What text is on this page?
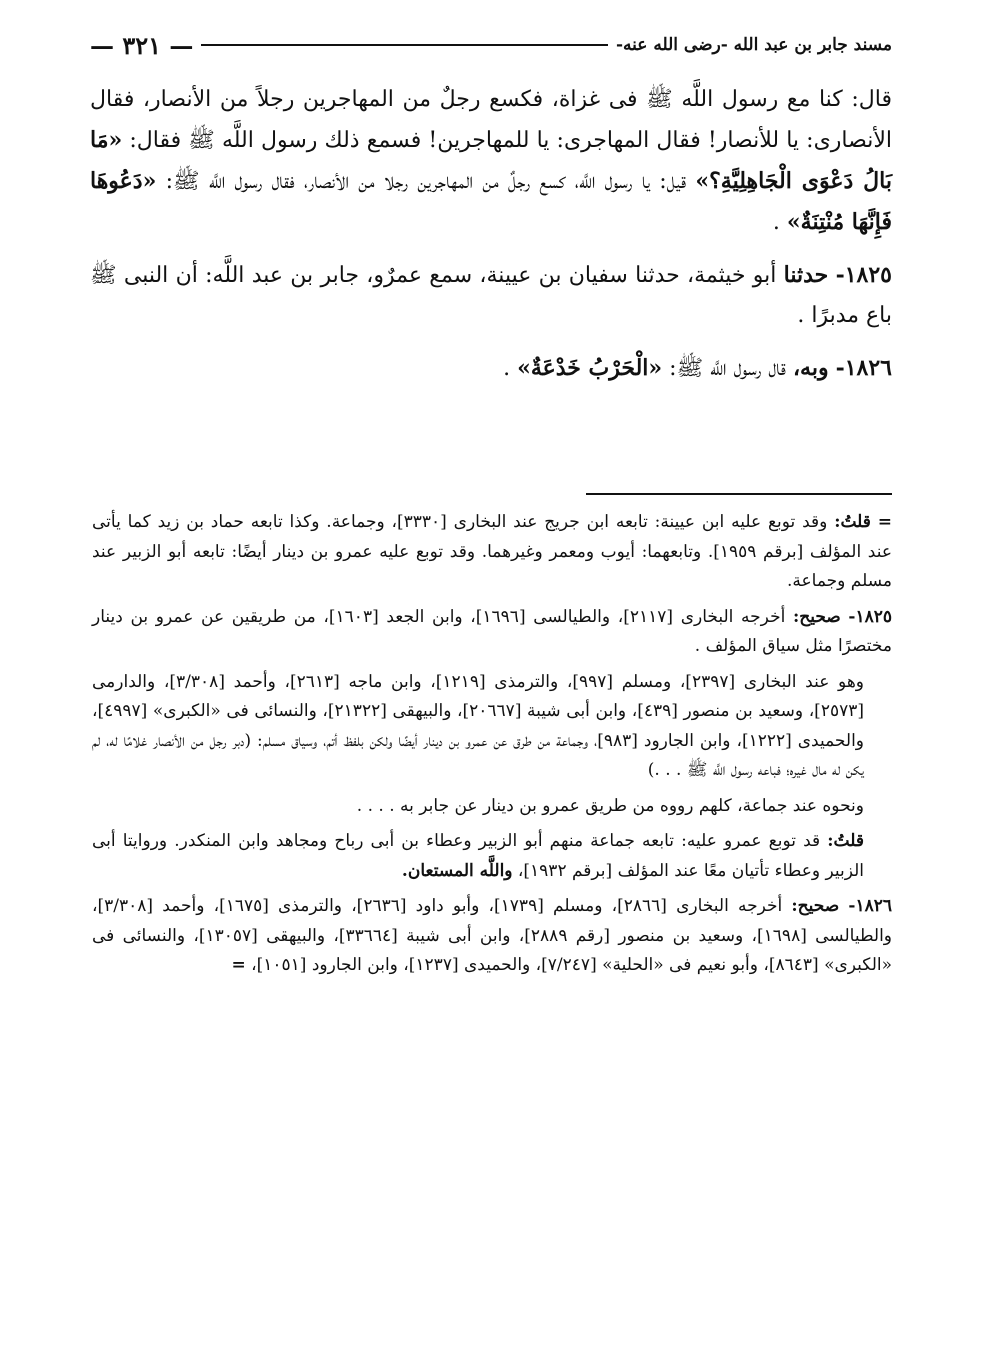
مسند جابر بن عبد الله -رضى الله عنه-
— ٣٢١ —

قال: كنا مع رسول اللَّه ﷺ فى غزاة، فكسع رجلٌ من المهاجرين رجلاً من الأنصار، فقال الأنصارى: يا للأنصار! فقال المهاجرى: يا للمهاجرين! فسمع ذلك رسول اللَّه ﷺ فقال: «مَا بَالُ دَعْوَى الْجَاهِلِيَّةِ؟» قيل: يا رسول اللَّه، كسع رجلٌ من المهاجرين رجلا من الأنصار، فقال رسول اللَّه ﷺ: «دَعُوهَا فَإِنَّهَا مُنْتِنَةٌ» .

١٨٢٥- حدثنا أبو خيثمة، حدثنا سفيان بن عيينة، سمع عمرٌو، جابر بن عبد اللَّه: أن النبى ﷺ باع مدبرًا .

١٨٢٦- وبه، قال رسول اللَّه ﷺ: «الْحَرْبُ خَدْعَةٌ» .

= قلتُ: وقد توبع عليه ابن عيينة: تابعه ابن جريج عند البخارى [٣٣٣٠]، وجماعة. وكذا تابعه حماد بن زيد كما يأتى عند المؤلف [برقم ١٩٥٩]. وتابعهما: أيوب ومعمر وغيرهما. وقد توبع عليه عمرو بن دينار أيضًا: تابعه أبو الزبير عند مسلم وجماعة.

١٨٢٥- صحيح: أخرجه البخارى [٢١١٧]، والطيالسى [١٦٩٦]، وابن الجعد [١٦٠٣]، من طريقين عن عمرو بن دينار مختصرًا مثل سياق المؤلف .

وهو عند البخارى [٢٣٩٧]، ومسلم [٩٩٧]، والترمذى [١٢١٩]، وابن ماجه [٢٦١٣]، وأحمد [٣/٣٠٨]، والدارمى [٢٥٧٣]، وسعيد بن منصور [٤٣٩]، وابن أبى شيبة [٢٠٦٦٧]، والبيهقى [٢١٣٢٢]، والنسائى فى «الكبرى» [٤٩٩٧]، والحميدى [١٢٢٢]، وابن الجارود [٩٨٣]، وجماعة من طرق عن عمرو بن دينار أيضًا ولكن بلفظ أتم، وسياق مسلم: (دبر رجل من الأنصار غلامًا له، لم يكن له مال غيره؛ فباعه رسول اللَّه ﷺ . . .)

ونحوه عند جماعة، كلهم رووه من طريق عمرو بن دينار عن جابر به . . . .

قلتُ: قد توبع عمرو عليه: تابعه جماعة منهم أبو الزبير وعطاء بن أبى رباح ومجاهد وابن المنكدر. وروايتا أبى الزبير وعطاء تأتيان معًا عند المؤلف [برقم ١٩٣٢]، واللَّه المستعان.

١٨٢٦- صحيح: أخرجه البخارى [٢٨٦٦]، ومسلم [١٧٣٩]، وأبو داود [٢٦٣٦]، والترمذى [١٦٧٥]، وأحمد [٣/٣٠٨]، والطيالسى [١٦٩٨]، وسعيد بن منصور [رقم ٢٨٨٩]، وابن أبى شيبة [٣٣٦٦٤]، والبيهقى [١٣٠٥٧]، والنسائى فى «الكبرى» [٨٦٤٣]، وأبو نعيم فى «الحلية» [٧/٢٤٧]، والحميدى [١٢٣٧]، وابن الجارود [١٠٥١]، =
